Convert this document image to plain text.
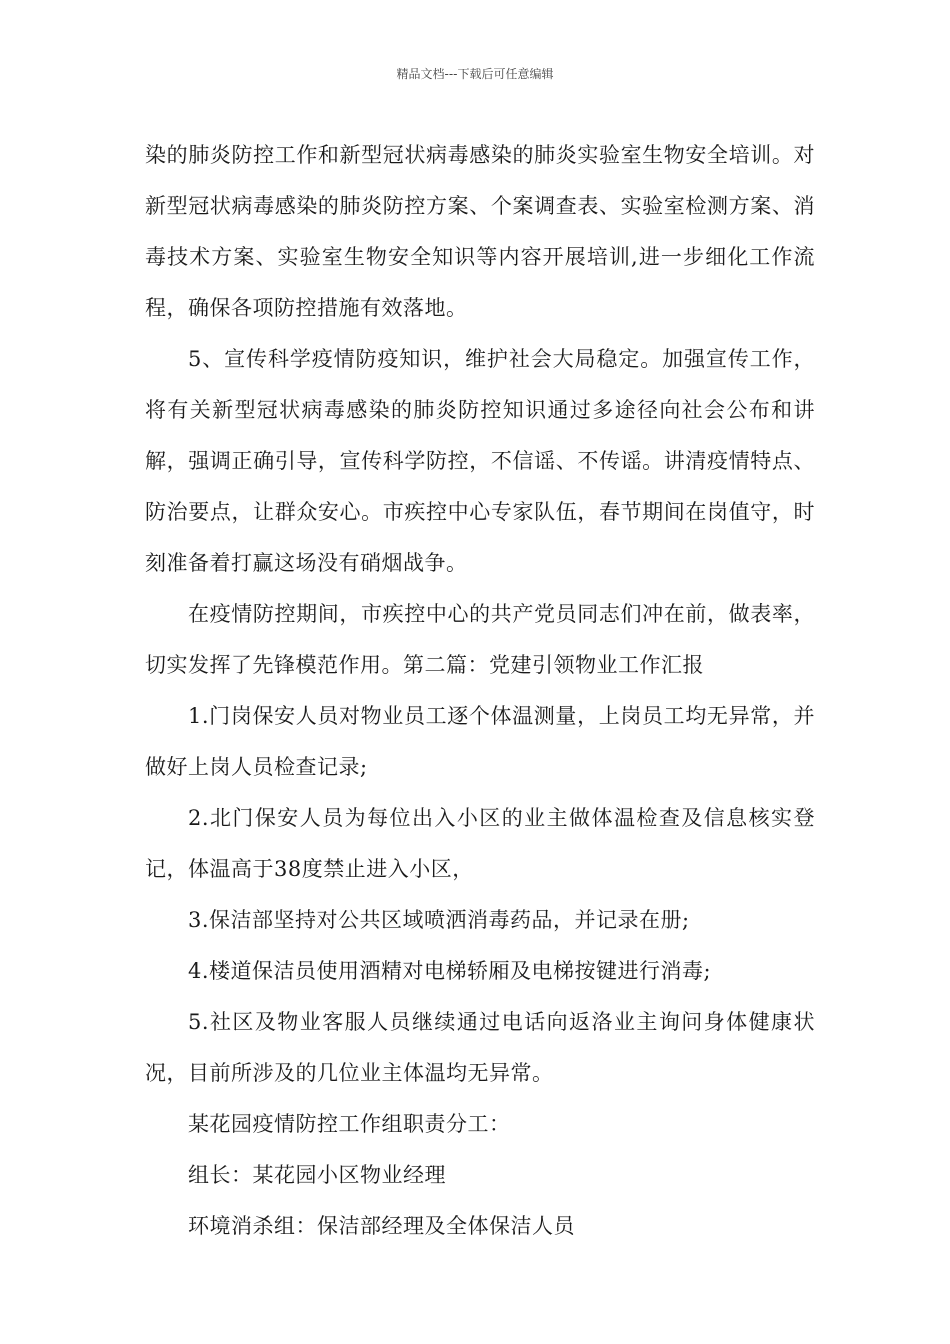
精品文档---下载后可任意编辑

染的肺炎防控工作和新型冠状病毒感染的肺炎实验室生物安全培训。对新型冠状病毒感染的肺炎防控方案、个案调查表、实验室检测方案、消毒技术方案、实验室生物安全知识等内容开展培训,进一步细化工作流程，确保各项防控措施有效落地。

5、宣传科学疫情防疫知识，维护社会大局稳定。加强宣传工作，将有关新型冠状病毒感染的肺炎防控知识通过多途径向社会公布和讲解，强调正确引导，宣传科学防控，不信谣、不传谣。讲清疫情特点、防治要点，让群众安心。市疾控中心专家队伍，春节期间在岗值守，时刻准备着打赢这场没有硝烟战争。

在疫情防控期间，市疾控中心的共产党员同志们冲在前，做表率，切实发挥了先锋模范作用。第二篇：党建引领物业工作汇报

1.门岗保安人员对物业员工逐个体温测量，上岗员工均无异常，并做好上岗人员检查记录;

2.北门保安人员为每位出入小区的业主做体温检查及信息核实登记，体温高于38度禁止进入小区，

3.保洁部坚持对公共区域喷洒消毒药品，并记录在册;

4.楼道保洁员使用酒精对电梯轿厢及电梯按键进行消毒;

5.社区及物业客服人员继续通过电话向返洛业主询问身体健康状况，目前所涉及的几位业主体温均无异常。

某花园疫情防控工作组职责分工：

组长：某花园小区物业经理

环境消杀组：保洁部经理及全体保洁人员
